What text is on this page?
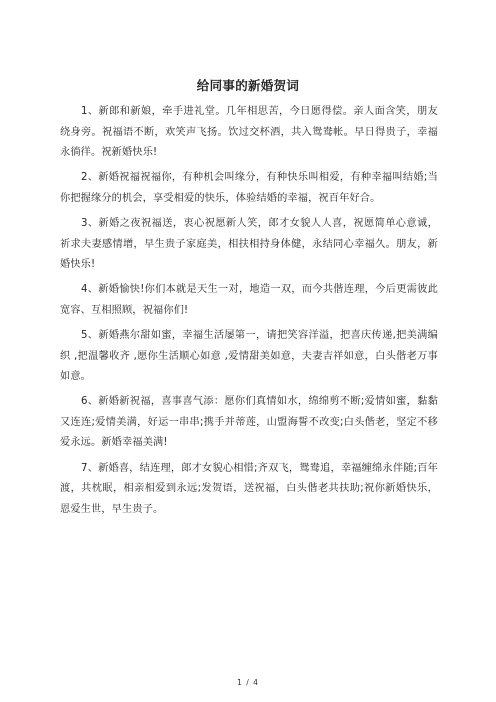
给同事的新婚贺词

1、新郎和新娘，牵手进礼堂。几年相思苦，今日愿得偿。亲人面含笑，朋友绕身旁。祝福语不断，欢笑声飞扬。饮过交杯酒，共入鸳鸯帐。早日得贵子，幸福永徜徉。祝新婚快乐!

2、新婚祝福祝福你，有种机会叫缘分，有种快乐叫相爱，有种幸福叫结婚;当你把握缘分的机会，享受相爱的快乐，体验结婚的幸福，祝百年好合。

3、新婚之夜祝福送，衷心祝愿新人笑，郎才女貌人人喜，祝愿简单心意诚，祈求夫妻感情增，早生贵子家庭美，相扶相持身体健，永结同心幸福久。朋友，新婚快乐!

4、新婚愉快!你们本就是天生一对，地造一双，而今共偕连理，今后更需彼此宽容、互相照顾，祝福你们!

5、新婚燕尔甜如蜜，幸福生活屡第一，请把笑容洋溢，把喜庆传递,把美满编织 ,把温馨收齐 ,愿你生活顺心如意 ,爱情甜美如意，夫妻吉祥如意，白头偕老万事如意。

6、新婚新祝福，喜事喜气添：愿你们真情如水，绵绵剪不断;爱情如蜜，黏黏又连连;爱情美满，好运一串串;携手并蒂莲，山盟海誓不改变;白头偕老，坚定不移爱永远。新婚幸福美满!

7、新婚喜，结连理，郎才女貌心相惜;齐双飞，鸳鸯追，幸福缠绵永伴随;百年渡，共枕眠，相亲相爱到永远;发贺语，送祝福，白头偕老共扶助;祝你新婚快乐，恩爱生世，早生贵子。

1 / 4
